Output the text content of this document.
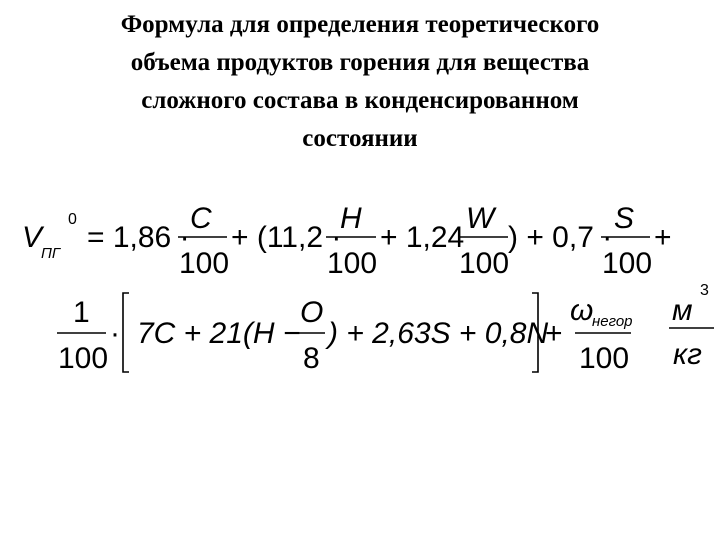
Формула для определения теоретического
объема продуктов горения для вещества
сложного состава в конденсированном
состоянии
V
ПГ
0
= 1,86 ·
C
100
+ (11,2 ·
H
100
+ 1,24
W
100
) + 0,7 ·
S
100
+
1
100
· 7C + 21(H −
O
8
) + 2,63S + 0,8N
+
ω
негор
100
м
3
кг
